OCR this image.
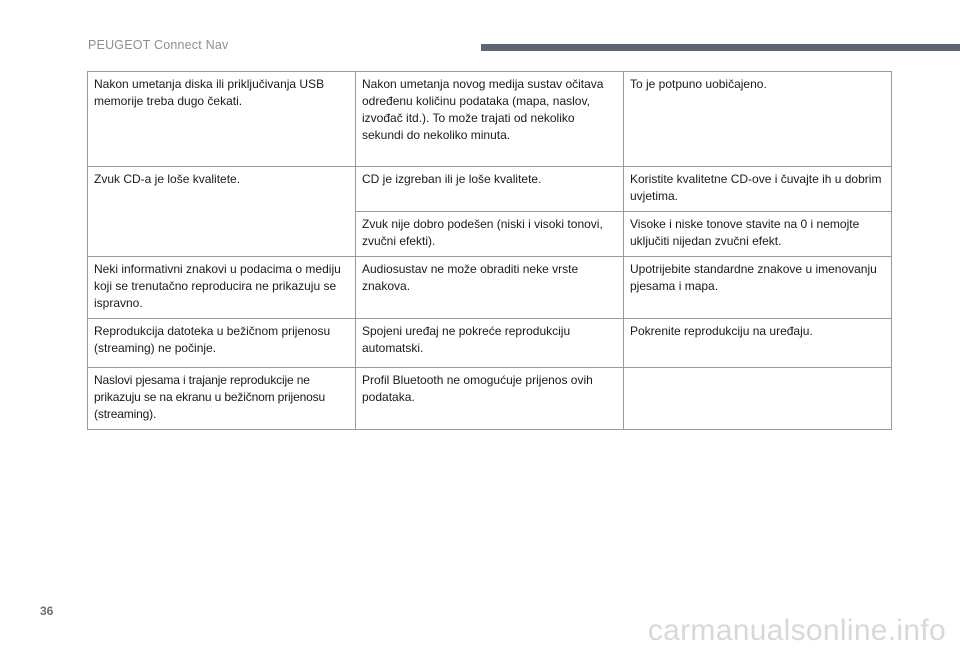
PEUGEOT Connect Nav
Nakon umetanja diska ili priključivanja USB memorije treba dugo čekati.	Nakon umetanja novog medija sustav očitava određenu količinu podataka (mapa, naslov, izvođač itd.). To može trajati od nekoliko sekundi do nekoliko minuta.	To je potpuno uobičajeno.
Zvuk CD-a je loše kvalitete.	CD je izgreban ili je loše kvalitete.	Koristite kvalitetne CD-ove i čuvajte ih u dobrim uvjetima.
	Zvuk nije dobro podešen (niski i visoki tonovi, zvučni efekti).	Visoke i niske tonove stavite na 0 i nemojte uključiti nijedan zvučni efekt.
Neki informativni znakovi u podacima o mediju koji se trenutačno reproducira ne prikazuju se ispravno.	Audiosustav ne može obraditi neke vrste znakova.	Upotrijebite standardne znakove u imenovanju pjesama i mapa.
Reprodukcija datoteka u bežičnom prijenosu (streaming) ne počinje.	Spojeni uređaj ne pokreće reprodukciju automatski.	Pokrenite reprodukciju na uređaju.
Naslovi pjesama i trajanje reprodukcije ne prikazuju se na ekranu u bežičnom prijenosu (streaming).	Profil Bluetooth ne omogućuje prijenos ovih podataka.	
36
carmanualsonline.info
